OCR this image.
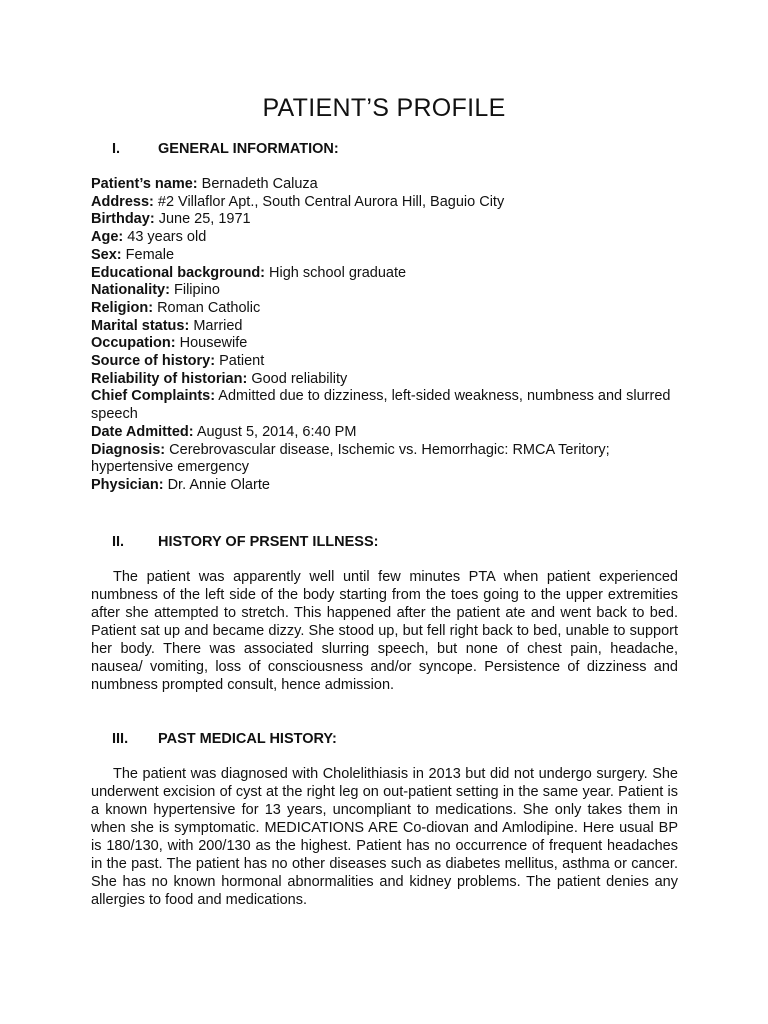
PATIENT’S PROFILE
I.	GENERAL INFORMATION:
Patient’s name: Bernadeth Caluza
Address: #2 Villaflor Apt., South Central Aurora Hill, Baguio City
Birthday: June 25, 1971
Age: 43 years old
Sex: Female
Educational background: High school graduate
Nationality: Filipino
Religion: Roman Catholic
Marital status: Married
Occupation: Housewife
Source of history: Patient
Reliability of historian: Good reliability
Chief Complaints: Admitted due to dizziness, left-sided weakness, numbness and slurred speech
Date Admitted: August 5, 2014, 6:40 PM
Diagnosis: Cerebrovascular disease, Ischemic vs. Hemorrhagic: RMCA Teritory; hypertensive emergency
Physician: Dr. Annie Olarte
II. HISTORY OF PRSENT ILLNESS:

The patient was apparently well until few minutes PTA when patient experienced numbness of the left side of the body starting from the toes going to the upper extremities after she attempted to stretch. This happened after the patient ate and went back to bed. Patient sat up and became dizzy. She stood up, but fell right back to bed, unable to support her body. There was associated slurring speech, but none of chest pain, headache, nausea/ vomiting, loss of consciousness and/or syncope. Persistence of dizziness and numbness prompted consult, hence admission.

III. PAST MEDICAL HISTORY:

The patient was diagnosed with Cholelithiasis in 2013 but did not undergo surgery. She underwent excision of cyst at the right leg on out-patient setting in the same year. Patient is a known hypertensive for 13 years, uncompliant to medications. She only takes them in when she is symptomatic. MEDICATIONS ARE Co-diovan and Amlodipine. Here usual BP is 180/130, with 200/130 as the highest. Patient has no occurrence of frequent headaches in the past. The patient has no other diseases such as diabetes mellitus, asthma or cancer. She has no known hormonal abnormalities and kidney problems. The patient denies any allergies to food and medications.
